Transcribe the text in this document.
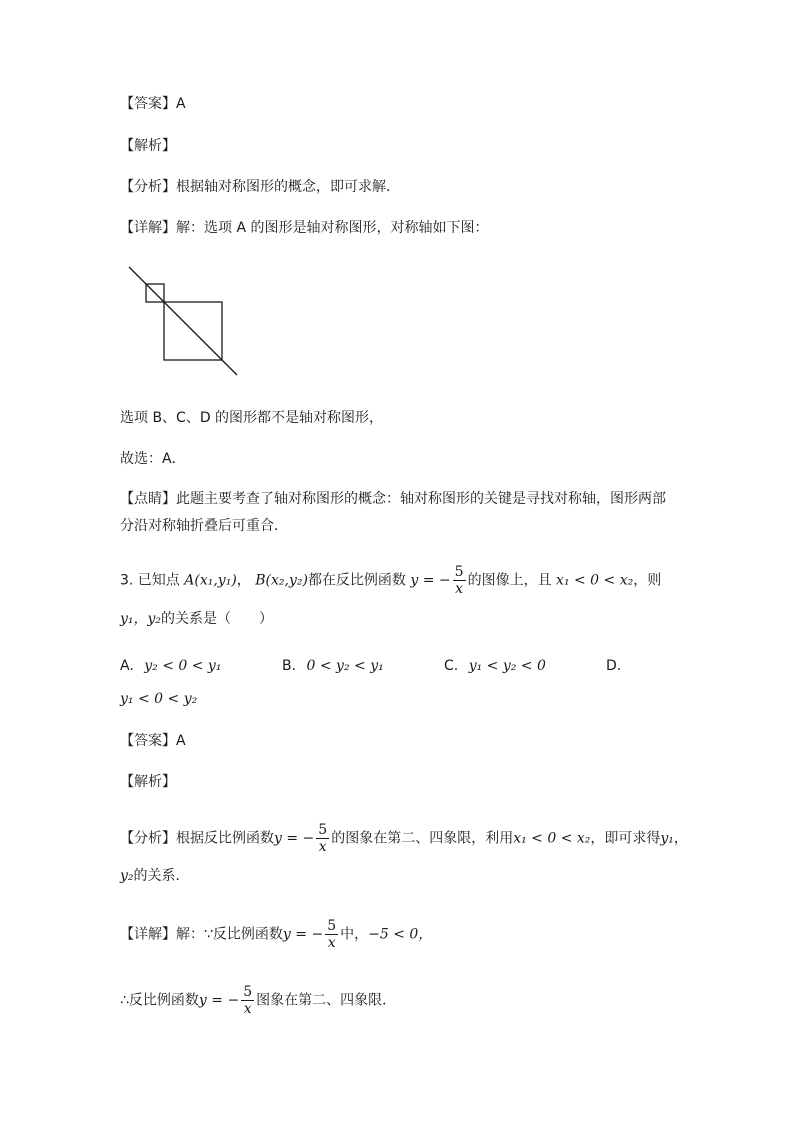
【答案】A
【解析】
【分析】根据轴对称图形的概念，即可求解．
【详解】解：选项 A 的图形是轴对称图形，对称轴如下图：
选项 B、C、D 的图形都不是轴对称图形，
故选：A．
【点睛】此题主要考查了轴对称图形的概念：轴对称图形的关键是寻找对称轴，图形两部
分沿对称轴折叠后可重合．
3. 已知点 A(x₁,y₁)， B(x₂,y₂)都在反比例函数 y = − $\frac{5}{x}$ 的图像上，且 x₁ < 0 < x₂，则
y₁，y₂的关系是（　　）
A. y₂ < 0 < y₁	B. 0 < y₂ < y₁	C. y₁ < y₂ < 0	D.
y₁ < 0 < y₂
【答案】A
【解析】
【分析】根据反比例函数y = − $\frac{5}{x}$ 的图象在第二、四象限，利用x₁ < 0 < x₂，即可求得y₁，
y₂的关系．
【详解】解：∵反比例函数y = − $\frac{5}{x}$ 中，−5 < 0，
∴反比例函数y = − $\frac{5}{x}$ 图象在第二、四象限．
